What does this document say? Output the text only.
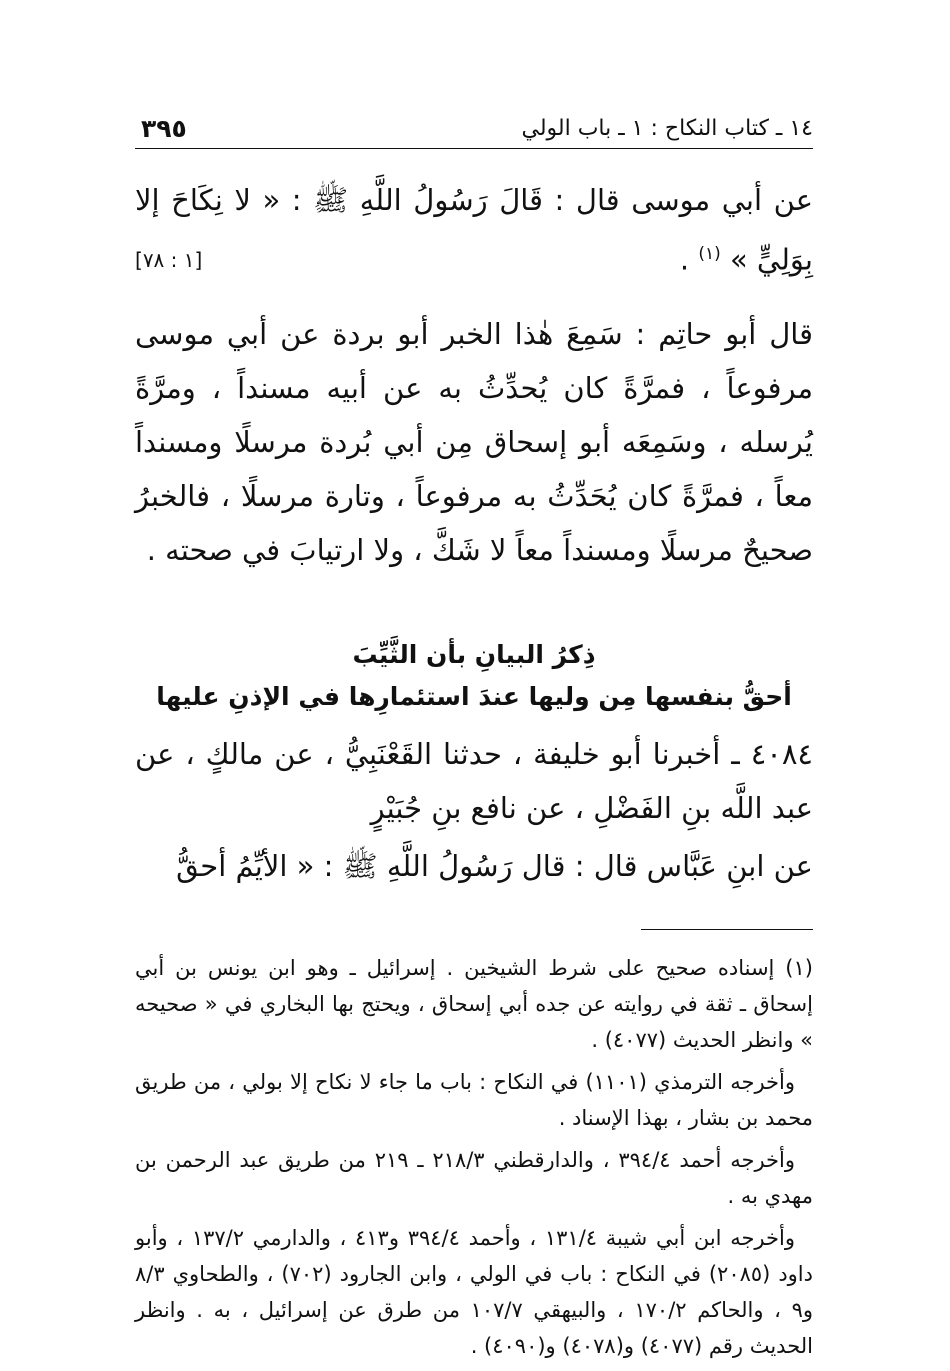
١٤ ـ كتاب النكاح : ١ ـ باب الولي
٣٩٥

عن أبي موسى قال : قَالَ رَسُولُ اللَّهِ ﷺ : « لا نِكَاحَ إلا بِوَلِيٍّ » $^{(١)}$ .
[١ : ٧٨]

قال أبو حاتِم : سَمِعَ هٰذا الخبر أبو بردة عن أبي موسى مرفوعاً ، فمرَّةً كان يُحدِّثُ به عن أبيه مسنداً ، ومرَّةً يُرسله ، وسَمِعَه أبو إسحاق مِن أبي بُردة مرسلًا ومسنداً معاً ، فمرَّةً كان يُحَدِّثُ به مرفوعاً ، وتارة مرسلًا ، فالخبرُ صحيحٌ مرسلًا ومسنداً معاً لا شَكَّ ، ولا ارتيابَ في صحته .

ذِكرُ البيانِ بأن الثَّيِّبَ
أحقُّ بنفسها مِن وليها عندَ استئمارِها في الإذنِ عليها

٤٠٨٤ ـ أخبرنا أبو خليفة ، حدثنا القَعْنَبِيُّ ، عن مالكٍ ، عن عبد اللَّه بنِ الفَضْلِ ، عن نافع بنِ جُبَيْرٍ

عن ابنِ عَبَّاس قال : قال رَسُولُ اللَّهِ ﷺ : « الأيِّمُ أحقُّ

(١) إسناده صحيح على شرط الشيخين . إسرائيل ـ وهو ابن يونس بن أبي إسحاق ـ ثقة في روايته عن جده أبي إسحاق ، ويحتج بها البخاري في « صحيحه » وانظر الحديث (٤٠٧٧) .

وأخرجه الترمذي (١١٠١) في النكاح : باب ما جاء لا نكاح إلا بولي ، من طريق محمد بن بشار ، بهذا الإسناد .

وأخرجه أحمد ٣٩٤/٤ ، والدارقطني ٢١٨/٣ ـ ٢١٩ من طريق عبد الرحمن بن مهدي به .

وأخرجه ابن أبي شيبة ١٣١/٤ ، وأحمد ٣٩٤/٤ و٤١٣ ، والدارمي ١٣٧/٢ ، وأبو داود (٢٠٨٥) في النكاح : باب في الولي ، وابن الجارود (٧٠٢) ، والطحاوي ٨/٣ و٩ ، والحاكم ١٧٠/٢ ، والبيهقي ١٠٧/٧ من طرق عن إسرائيل ، به . وانظر الحديث رقم (٤٠٧٧) و(٤٠٧٨) و(٤٠٩٠) .
